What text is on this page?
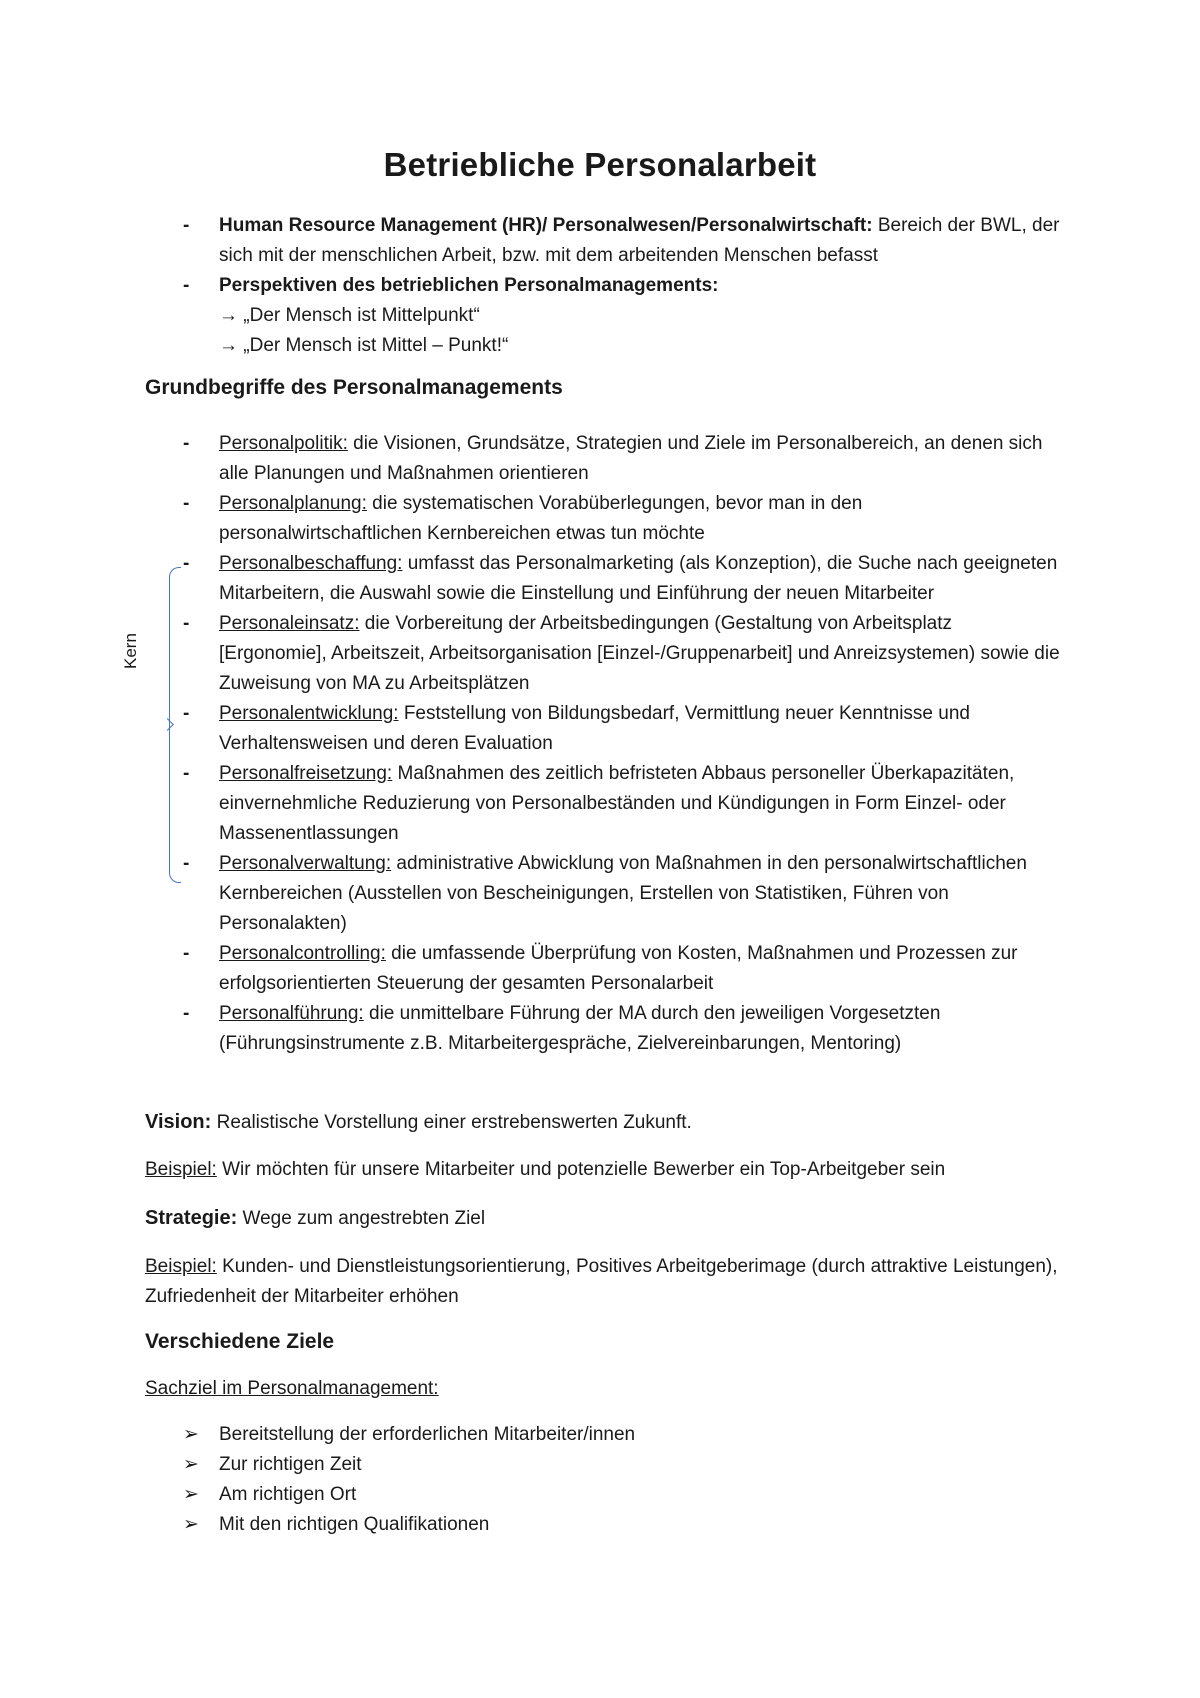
Betriebliche Personalarbeit
- Human Resource Management (HR)/ Personalwesen/Personalwirtschaft: Bereich der BWL, der sich mit der menschlichen Arbeit, bzw. mit dem arbeitenden Menschen befasst
- Perspektiven des betrieblichen Personalmanagements:
→ „Der Mensch ist Mittelpunkt“
→ „Der Mensch ist Mittel – Punkt!“
Grundbegriffe des Personalmanagements
Kern
- Personalpolitik: die Visionen, Grundsätze, Strategien und Ziele im Personalbereich, an denen sich alle Planungen und Maßnahmen orientieren
- Personalplanung: die systematischen Vorabüberlegungen, bevor man in den personalwirtschaftlichen Kernbereichen etwas tun möchte
- Personalbeschaffung: umfasst das Personalmarketing (als Konzeption), die Suche nach geeigneten Mitarbeitern, die Auswahl sowie die Einstellung und Einführung der neuen Mitarbeiter
- Personaleinsatz: die Vorbereitung der Arbeitsbedingungen (Gestaltung von Arbeitsplatz [Ergonomie], Arbeitszeit, Arbeitsorganisation [Einzel-/Gruppenarbeit] und Anreizsystemen) sowie die Zuweisung von MA zu Arbeitsplätzen
- Personalentwicklung: Feststellung von Bildungsbedarf, Vermittlung neuer Kenntnisse und Verhaltensweisen und deren Evaluation
- Personalfreisetzung: Maßnahmen des zeitlich befristeten Abbaus personeller Überkapazitäten, einvernehmliche Reduzierung von Personalbeständen und Kündigungen in Form Einzel- oder Massenentlassungen
- Personalverwaltung: administrative Abwicklung von Maßnahmen in den personalwirtschaftlichen Kernbereichen (Ausstellen von Bescheinigungen, Erstellen von Statistiken, Führen von Personalakten)
- Personalcontrolling: die umfassende Überprüfung von Kosten, Maßnahmen und Prozessen zur erfolgsorientierten Steuerung der gesamten Personalarbeit
- Personalführung: die unmittelbare Führung der MA durch den jeweiligen Vorgesetzten (Führungsinstrumente z.B. Mitarbeitergespräche, Zielvereinbarungen, Mentoring)
Vision: Realistische Vorstellung einer erstrebenswerten Zukunft.
Beispiel: Wir möchten für unsere Mitarbeiter und potenzielle Bewerber ein Top-Arbeitgeber sein
Strategie: Wege zum angestrebten Ziel
Beispiel: Kunden- und Dienstleistungsorientierung, Positives Arbeitgeberimage (durch attraktive Leistungen), Zufriedenheit der Mitarbeiter erhöhen
Verschiedene Ziele
Sachziel im Personalmanagement:
➢ Bereitstellung der erforderlichen Mitarbeiter/innen
➢ Zur richtigen Zeit
➢ Am richtigen Ort
➢ Mit den richtigen Qualifikationen
